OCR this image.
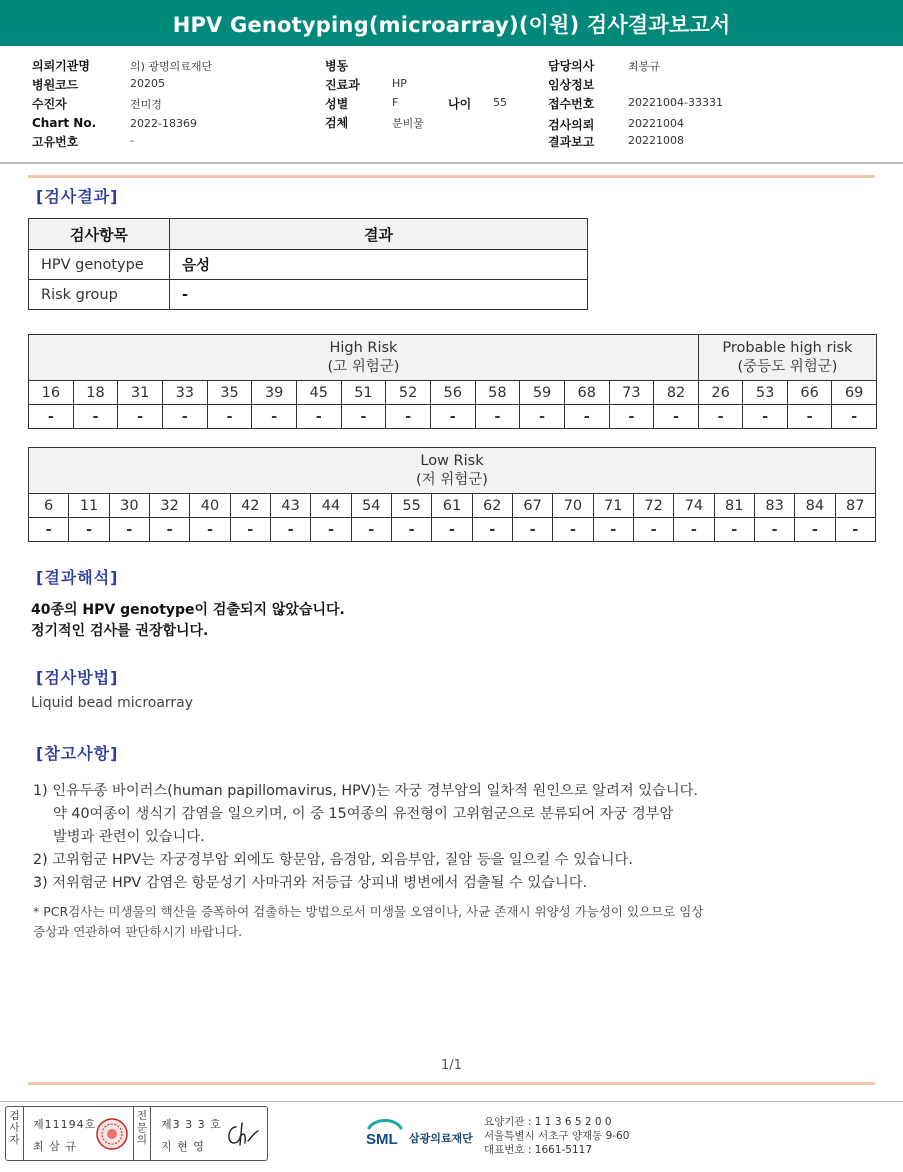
HPV Genotyping(microarray)(이원) 검사결과보고서
의뢰기관명	의) 광명의료재단
병원코드	20205
수진자	전미경
Chart No.	2022-18369
고유번호	-
병동
진료과	HP
성별	F	나이 55
검체	분비물
담당의사	최봉규
임상정보
접수번호	20221004-33331
검사의뢰	20221004
결과보고	20221008
[검사결과]
검사항목	결과
HPV genotype	음성
Risk group	-
High Risk
(고 위험군)															Probable high risk
(중등도 위험군)			
16	18	31	33	35	39	45	51	52	56	58	59	68	73	82	26	53	66	69
-	-	-	-	-	-	-	-	-	-	-	-	-	-	-	-	-	-	-
Low Risk
(저 위험군)																				
6	11	30	32	40	42	43	44	54	55	61	62	67	70	71	72	74	81	83	84	87
-	-	-	-	-	-	-	-	-	-	-	-	-	-	-	-	-	-	-	-	-
[결과해석]
40종의 HPV genotype이 검출되지 않았습니다.
정기적인 검사를 권장합니다.
[검사방법]
Liquid bead microarray
[참고사항]
1) 인유두종 바이러스(human papillomavirus, HPV)는 자궁 경부암의 일차적 원인으로 알려져 있습니다.
약 40여종이 생식기 감염을 일으키며, 이 중 15여종의 유전형이 고위험군으로 분류되어 자궁 경부암
발병과 관련이 있습니다.
2) 고위험군 HPV는 자궁경부암 외에도 항문암, 음경암, 외음부암, 질암 등을 일으킬 수 있습니다.
3) 저위험군 HPV 감염은 항문성기 사마귀와 저등급 상피내 병변에서 검출될 수 있습니다.
* PCR검사는 미생물의 핵산을 증폭하여 검출하는 방법으로서 미생물 오염이나, 사균 존재시 위양성 가능성이 있으므로 임상
증상과 연관하여 판단하시기 바랍니다.
1/1
검
사
자
제11194호
최 삼 규
전
문
의
제3 3 3 호
지 현 영	SML 삼광의료재단
요양기관 : 1 1 3 6 5 2 0 0
서울특별시 서초구 양재동 9-60
대표번호 : 1661-5117
